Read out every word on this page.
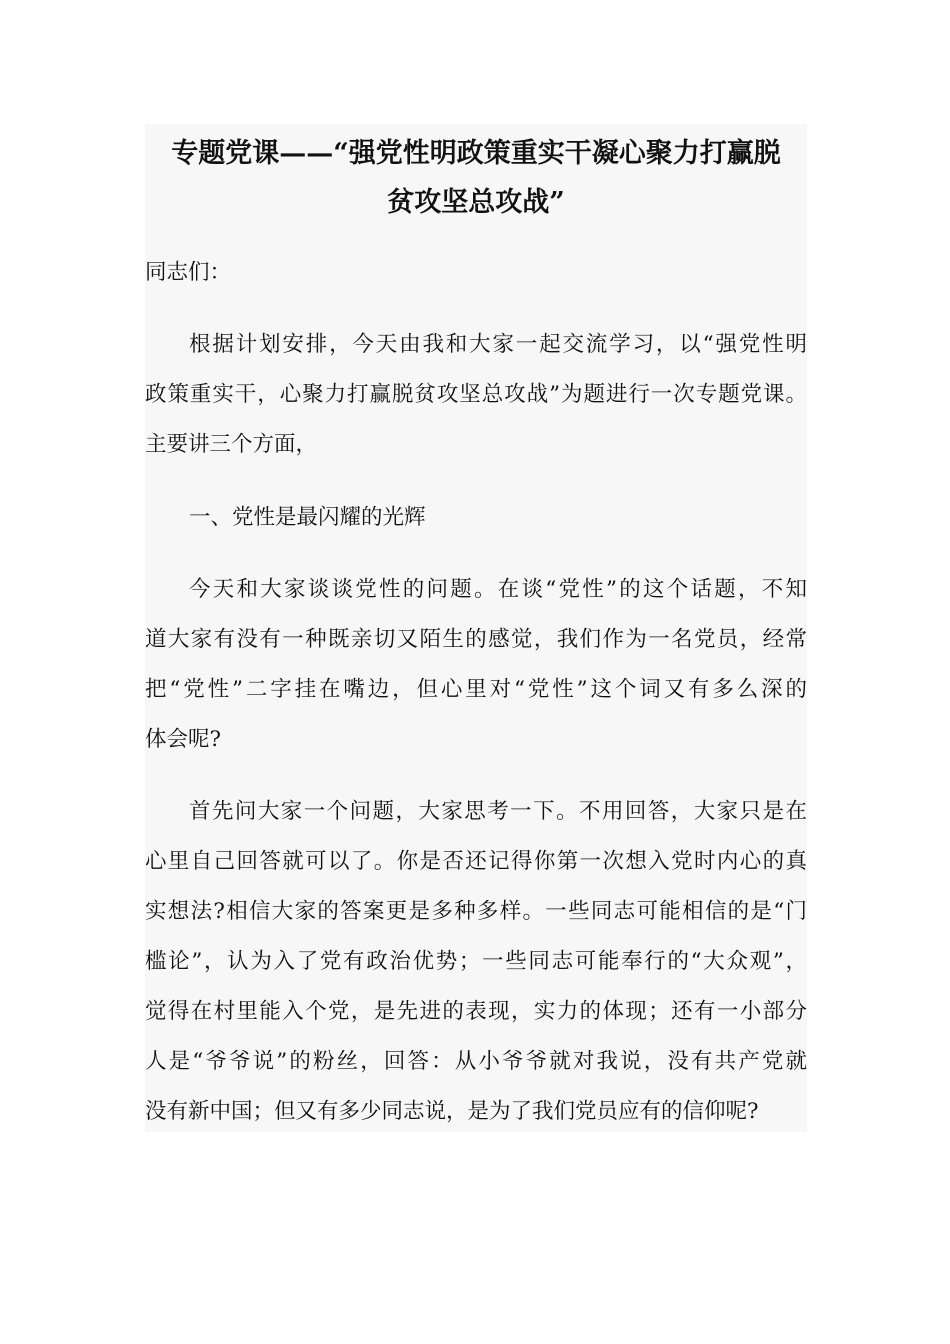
专题党课——“强党性明政策重实干凝心聚力打赢脱
贫攻坚总攻战”
同志们：
根据计划安排，今天由我和大家一起交流学习，以“强党性明
政策重实干，心聚力打赢脱贫攻坚总攻战”为题进行一次专题党课。
主要讲三个方面，
一、党性是最闪耀的光辉
今天和大家谈谈党性的问题。在谈“党性”的这个话题，不知
道大家有没有一种既亲切又陌生的感觉，我们作为一名党员，经常
把“党性”二字挂在嘴边，但心里对“党性”这个词又有多么深的
体会呢?
首先问大家一个问题，大家思考一下。不用回答，大家只是在
心里自己回答就可以了。你是否还记得你第一次想入党时内心的真
实想法?相信大家的答案更是多种多样。一些同志可能相信的是“门
槛论”，认为入了党有政治优势；一些同志可能奉行的“大众观”，
觉得在村里能入个党，是先进的表现，实力的体现；还有一小部分
人是“爷爷说”的粉丝，回答：从小爷爷就对我说，没有共产党就
没有新中国；但又有多少同志说，是为了我们党员应有的信仰呢?
